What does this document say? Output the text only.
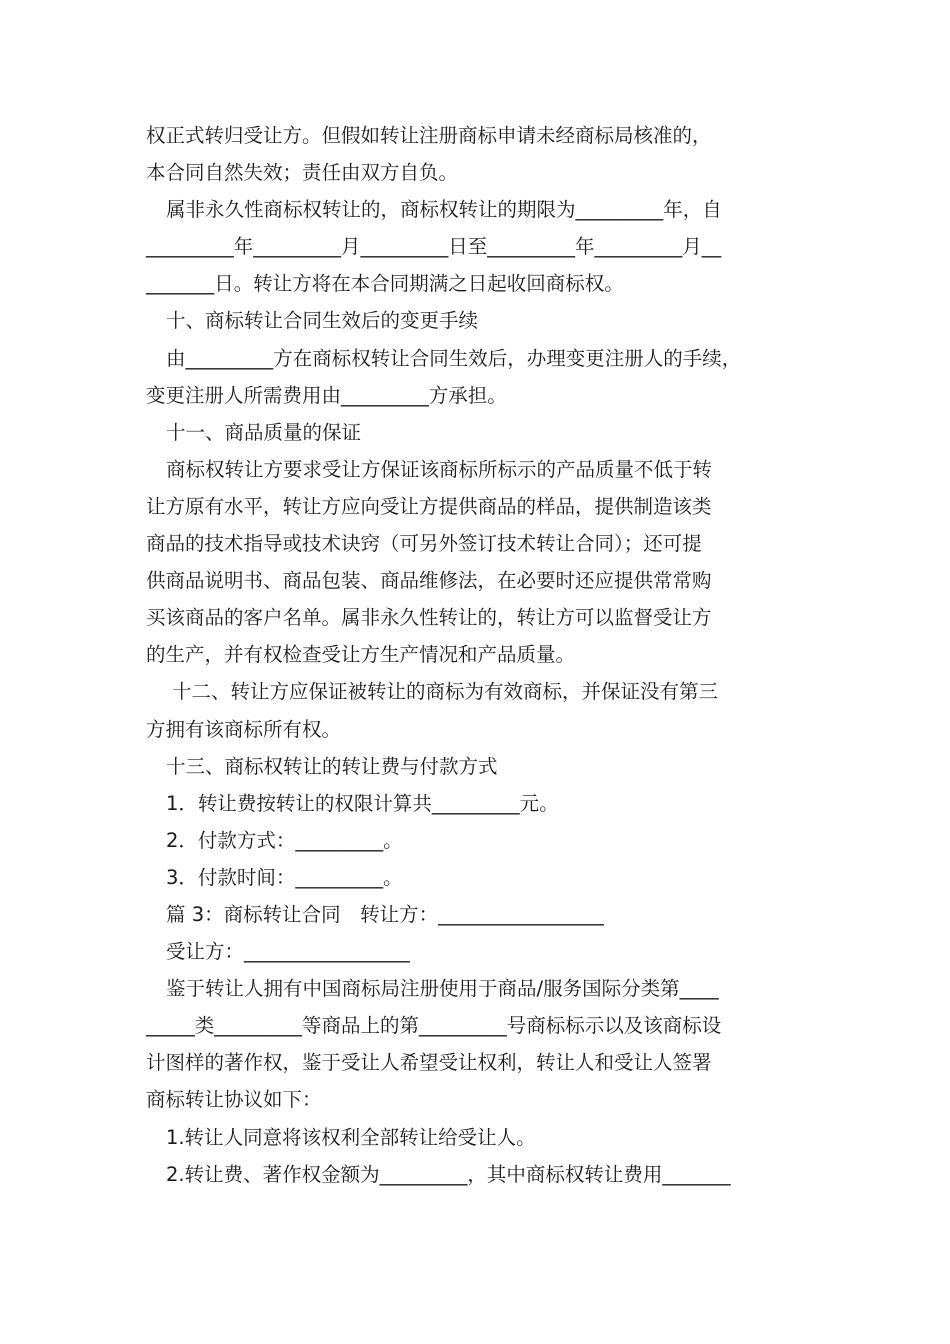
权正式转归受让方。但假如转让注册商标申请未经商标局核准的，
本合同自然失效；责任由双方自负。
属非永久性商标权转让的，商标权转让的期限为_________年，自
_________年_________月_________日至_________年_________月__
_______日。转让方将在本合同期满之日起收回商标权。
十、商标转让合同生效后的变更手续
由_________方在商标权转让合同生效后，办理变更注册人的手续，
变更注册人所需费用由_________方承担。
十一、商品质量的保证
商标权转让方要求受让方保证该商标所标示的产品质量不低于转
让方原有水平，转让方应向受让方提供商品的样品，提供制造该类
商品的技术指导或技术诀窍（可另外签订技术转让合同）；还可提
供商品说明书、商品包装、商品维修法，在必要时还应提供常常购
买该商品的客户名单。属非永久性转让的，转让方可以监督受让方
的生产，并有权检查受让方生产情况和产品质量。
十二、转让方应保证被转让的商标为有效商标，并保证没有第三
方拥有该商标所有权。
十三、商标权转让的转让费与付款方式
1．转让费按转让的权限计算共_________元。
2．付款方式：_________。
3．付款时间：_________。
篇 3：商标转让合同　转让方：_________________
受让方：_________________
鉴于转让人拥有中国商标局注册使用于商品/服务国际分类第____
_____类_________等商品上的第_________号商标标示以及该商标设
计图样的著作权，鉴于受让人希望受让权利，转让人和受让人签署
商标转让协议如下：
1.转让人同意将该权利全部转让给受让人。
2.转让费、著作权金额为_________，其中商标权转让费用_______
